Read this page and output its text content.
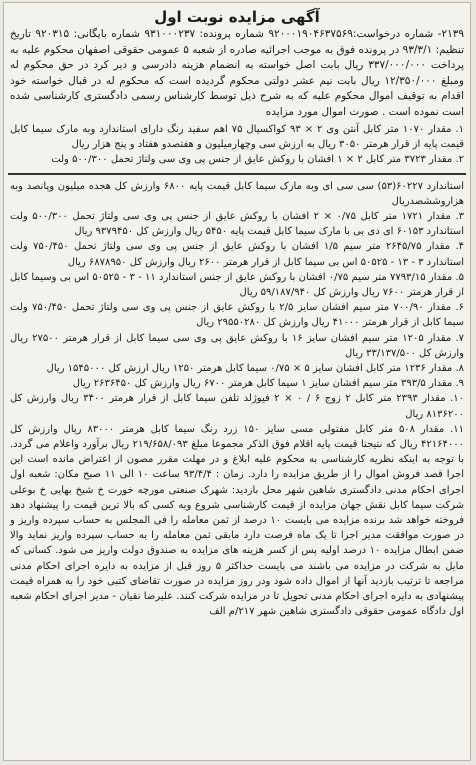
آگهی مزایده نوبت اول
۲۱۳۹- شماره درخواست:۹۲۰۰۰۱۹۰۴۶۳۷۵۶۹ شماره پرونده: ۹۳۱۰۰۰۲۳۷ شماره بایگانی: ۹۲۰۳۱۵ تاریخ تنظیم: ۹۳/۳/۱ در پرونده فوق به موجب اجرائیه صادره از شعبه ۵ عمومی حقوقی اصفهان محکوم علیه به پرداخت ۳۳۷/۰۰۰/۰۰۰ ریال بابت اصل خواسته به انضمام هزینه دادرسی و دیر کرد در حق محکوم له ومبلغ ۱۲/۳۵۰/۰۰۰ ریال بابت نیم عشر دولتی محکوم گردیده است که محکوم له در قبال خواسته خود اقدام به توقیف اموال محکوم علیه که به شرح ذیل توسط کارشناس رسمی دادگستری کارشناسی شده است نموده است . صورت اموال مورد مزایده

۱. مقدار ۱۰۷۰ متر کابل آنتن وی ۲ × ۹۳ کواکسیال ۷۵ اهم سفید رنگ دارای استاندارد وبه مارک سیما کابل قیمت پایه از قرار هرمتر ۳۰۵۰ ریال به ارزش سی وچهارمیلیون و هفتصدو هفتاد و پنج هزار ریال

۲. مقدار ۳۷۲۳ متر کابل ۲ × ۱ افشان با روکش عایق از جنس پی وی سی ولتاژ تحمل ۵۰۰/۳۰۰ ولت

استاندارد ۶۰۲۲۷(۵۳) سی سی ای وبه مارک سیما کابل قیمت پایه ۶۸۰۰ وارزش کل هجده میلیون وپانصد وبه هزاروششصدریال

۳. مقدار ۱۷۲۱ متر کابل ۰/۷۵ × ۲ افشان با روکش عایق از جنس پی وی سی ولتاژ تحمل ۵۰۰/۳۰۰ ولت استاندارد ۶۰۱۵۳ ای دی بی با مارک سیما کابل قیمت پایه ۵۴۵۰ ریال وارزش کل ۹۳۷۹۴۵۰ ریال

۴. مقدار ۲۶۴۵/۷۵ متر سیم ۱/۵ افشان با روکش عایق از جنس پی وی سی ولتاژ تحمل ۷۵۰/۴۵۰ ولت استاندارد ۳ - ۱۳ - ۵۰۵۲۵ اس بی سیما کابل از قرار هرمتر ۲۶۰۰ ریال وارزش کل ۶۸۷۸۹۵۰ ریال

۵. مقدار ۷۷۹۳/۱۵ متر سیم ۰/۷۵ افشان با روکش عایق از جنس استاندارد ۱۱ - ۳ - ۵۰۵۲۵ اس بی وسیما کابل از قرار هرمتر ۷۶۰۰ ریال وارزش کل ۵۹/۱۸۷/۹۴۰ ریال

۶. مقدار ۷۰۰/۹۰ متر سیم افشان سایز ۲/۵ با روکش عایق از جنس پی وی سی ولتاژ تحمل ۷۵۰/۴۵۰ ولت سیما کابل از قرار هرمتر ۴۱۰۰۰ ریال وارزش کل ۲۹۵۵۰۲۸۰ ریال

۷. مقدار ۱۲۰۵ متر سیم افشان سایز ۱۶ با روکش عایق پی وی سی سیما کابل از قرار هرمتر ۲۷۵۰۰ ریال وارزش کل ۳۳/۱۳۷/۵۰۰ ریال

۸. مقدار ۱۲۳۶ متر کابل افشان سایز ۵ × ۰/۷۵ سیما کابل هرمتر ۱۲۵۰ ریال ارزش کل ۱۵۴۵۰۰۰ ریال

۹. مقدار ۳۹۳/۵ متر سیم افشان سایز ۱ سیما کابل هرمتر ۶۷۰۰ ریال وارزش کل ۲۶۳۶۴۵۰ ریال

۱۰. مقدار ۲۳۹۳ متر کابل ۲ زوج ۶ / ۰ × ۲ فیوژلد تلفن سیما کابل از قرار هرمتر ۳۴۰۰ ریال وارزش کل ۸۱۳۶۲۰۰ ریال

۱۱. مقدار ۵۰۸ متر کابل مفتولی مسی سایز ۱۵۰ زرد رنگ سیما کابل هرمتر ۸۳۰۰۰ ریال وارزش کل ۴۲۱۶۴۰۰۰ ریال که نتیجتا قیمت پایه اقلام فوق الذکر مجموعا مبلغ ۲۱۹/۶۵۸/۰۹۳ ریال برآورد واعلام می گردد. با توجه به اینکه نظریه کارشناسی به محکوم علیه ابلاغ و در مهلت مقرر مصون از اعتراض مانده است این اجرا قصد فروش اموال را از طریق مزایده را دارد. زمان : ۹۳/۴/۴ ساعت ۱۰ الی ۱۱ صبح مکان: شعبه اول اجرای احکام مدنی دادگستری شاهین شهر محل بازدید: شهرک صنعتی مورچه خورت خ شیخ بهایی خ بوعلی شرکت سیما کابل نقش جهان مزایده از قیمت کارشناسی شروع وبه کسی که بالا ترین قیمت را پیشنهاد دهد فروخته خواهد شد برنده مزایده می بایست ۱۰ درصد از ثمن معامله را فی المجلس به حساب سپرده واریز و در صورت موافقت مدیر اجرا تا یک ماه فرصت دارد مابقی ثمن معامله را به حساب سپرده واریز نماید والا ضمن ابطال مزایده ۱۰ درصد اولیه پس از کسر هزینه های مزایده به صندوق دولت واریز می شود. کسانی که مایل به شرکت در مزایده می باشند می بایست حداکثر ۵ روز قبل از مزایده به دایره اجرای احکام مدنی مراجعه تا ترتیب بازدید آنها از اموال داده شود ودر روز مزایده در صورت تقاضای کتبی خود را به همراه قیمت پیشنهادی به دایره اجرای احکام مدنی تحویل تا در مزایده شرکت کنند. علیرضا نقیان - مدیر اجرای احکام شعبه اول دادگاه عمومی حقوقی دادگستری شاهین شهر ۲۱۷/م الف
